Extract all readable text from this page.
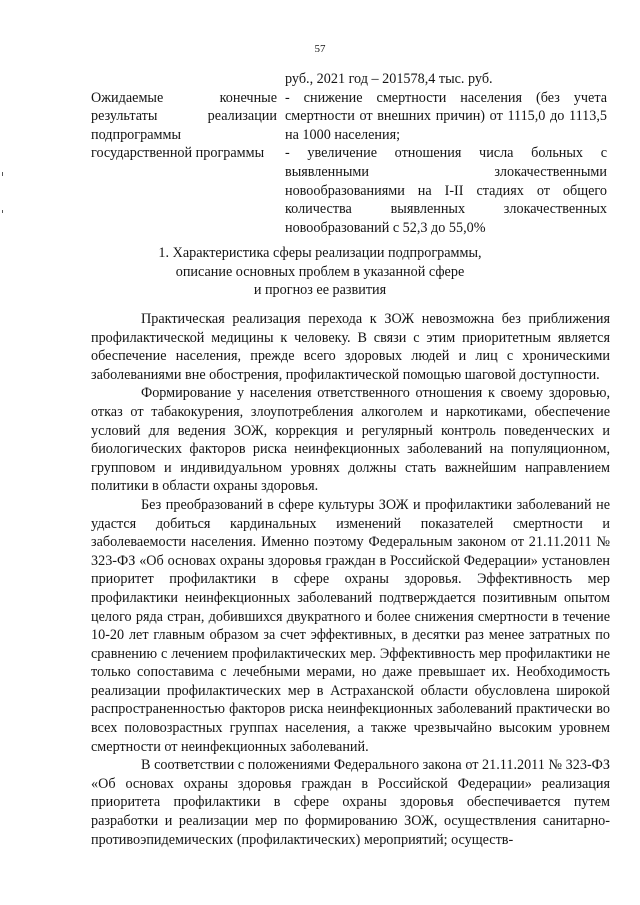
57
руб., 2021 год – 201578,4 тыс. руб.
Ожидаемые конечные результаты реализации подпрограммы государственной программы
- снижение смертности населения (без учета смертности от внешних причин) от 1115,0 до 1113,5 на 1000 населения;
- увеличение отношения числа больных с выявленными злокачественными новообразованиями на I-II стадиях от общего количества выявленных злокачественных новообразований с 52,3 до 55,0%
1. Характеристика сферы реализации подпрограммы,
описание основных проблем в указанной сфере
и прогноз ее развития

Практическая реализация перехода к ЗОЖ невозможна без приближения профилактической медицины к человеку. В связи с этим приоритетным является обеспечение населения, прежде всего здоровых людей и лиц с хроническими заболеваниями вне обострения, профилактической помощью шаговой доступности.

Формирование у населения ответственного отношения к своему здоровью, отказ от табакокурения, злоупотребления алкоголем и наркотиками, обеспечение условий для ведения ЗОЖ, коррекция и регулярный контроль поведенческих и биологических факторов риска неинфекционных заболеваний на популяционном, групповом и индивидуальном уровнях должны стать важнейшим направлением политики в области охраны здоровья.

Без преобразований в сфере культуры ЗОЖ и профилактики заболеваний не удастся добиться кардинальных изменений показателей смертности и заболеваемости населения. Именно поэтому Федеральным законом от 21.11.2011 № 323-ФЗ «Об основах охраны здоровья граждан в Российской Федерации» установлен приоритет профилактики в сфере охраны здоровья. Эффективность мер профилактики неинфекционных заболеваний подтверждается позитивным опытом целого ряда стран, добившихся двукратного и более снижения смертности в течение 10-20 лет главным образом за счет эффективных, в десятки раз менее затратных по сравнению с лечением профилактических мер. Эффективность мер профилактики не только сопоставима с лечебными мерами, но даже превышает их. Необходимость реализации профилактических мер в Астраханской области обусловлена широкой распространенностью факторов риска неинфекционных заболеваний практически во всех половозрастных группах населения, а также чрезвычайно высоким уровнем смертности от неинфекционных заболеваний.

В соответствии с положениями Федерального закона от 21.11.2011 № 323-ФЗ «Об основах охраны здоровья граждан в Российской Федерации» реализация приоритета профилактики в сфере охраны здоровья обеспечивается путем разработки и реализации мер по формированию ЗОЖ, осуществления санитарно-противоэпидемических (профилактических) мероприятий; осуществ-
